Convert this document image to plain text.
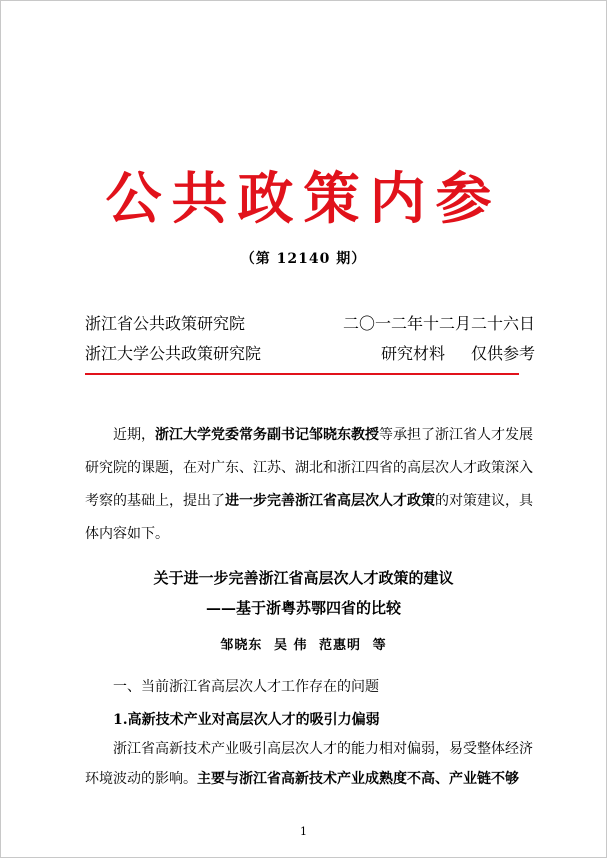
公共政策内参
（第 12140 期）
浙江省公共政策研究院	二〇一二年十二月二十六日
浙江大学公共政策研究院	研究材料 仅供参考

近期，浙江大学党委常务副书记邹晓东教授等承担了浙江省人才发展研究院的课题，在对广东、江苏、湖北和浙江四省的高层次人才政策深入考察的基础上，提出了进一步完善浙江省高层次人才政策的对策建议，具体内容如下。

关于进一步完善浙江省高层次人才政策的建议
——基于浙粤苏鄂四省的比较
邹晓东 吴 伟 范惠明 等
一、当前浙江省高层次人才工作存在的问题
1.高新技术产业对高层次人才的吸引力偏弱

浙江省高新技术产业吸引高层次人才的能力相对偏弱，易受整体经济环境波动的影响。主要与浙江省高新技术产业成熟度不高、产业链不够

1
